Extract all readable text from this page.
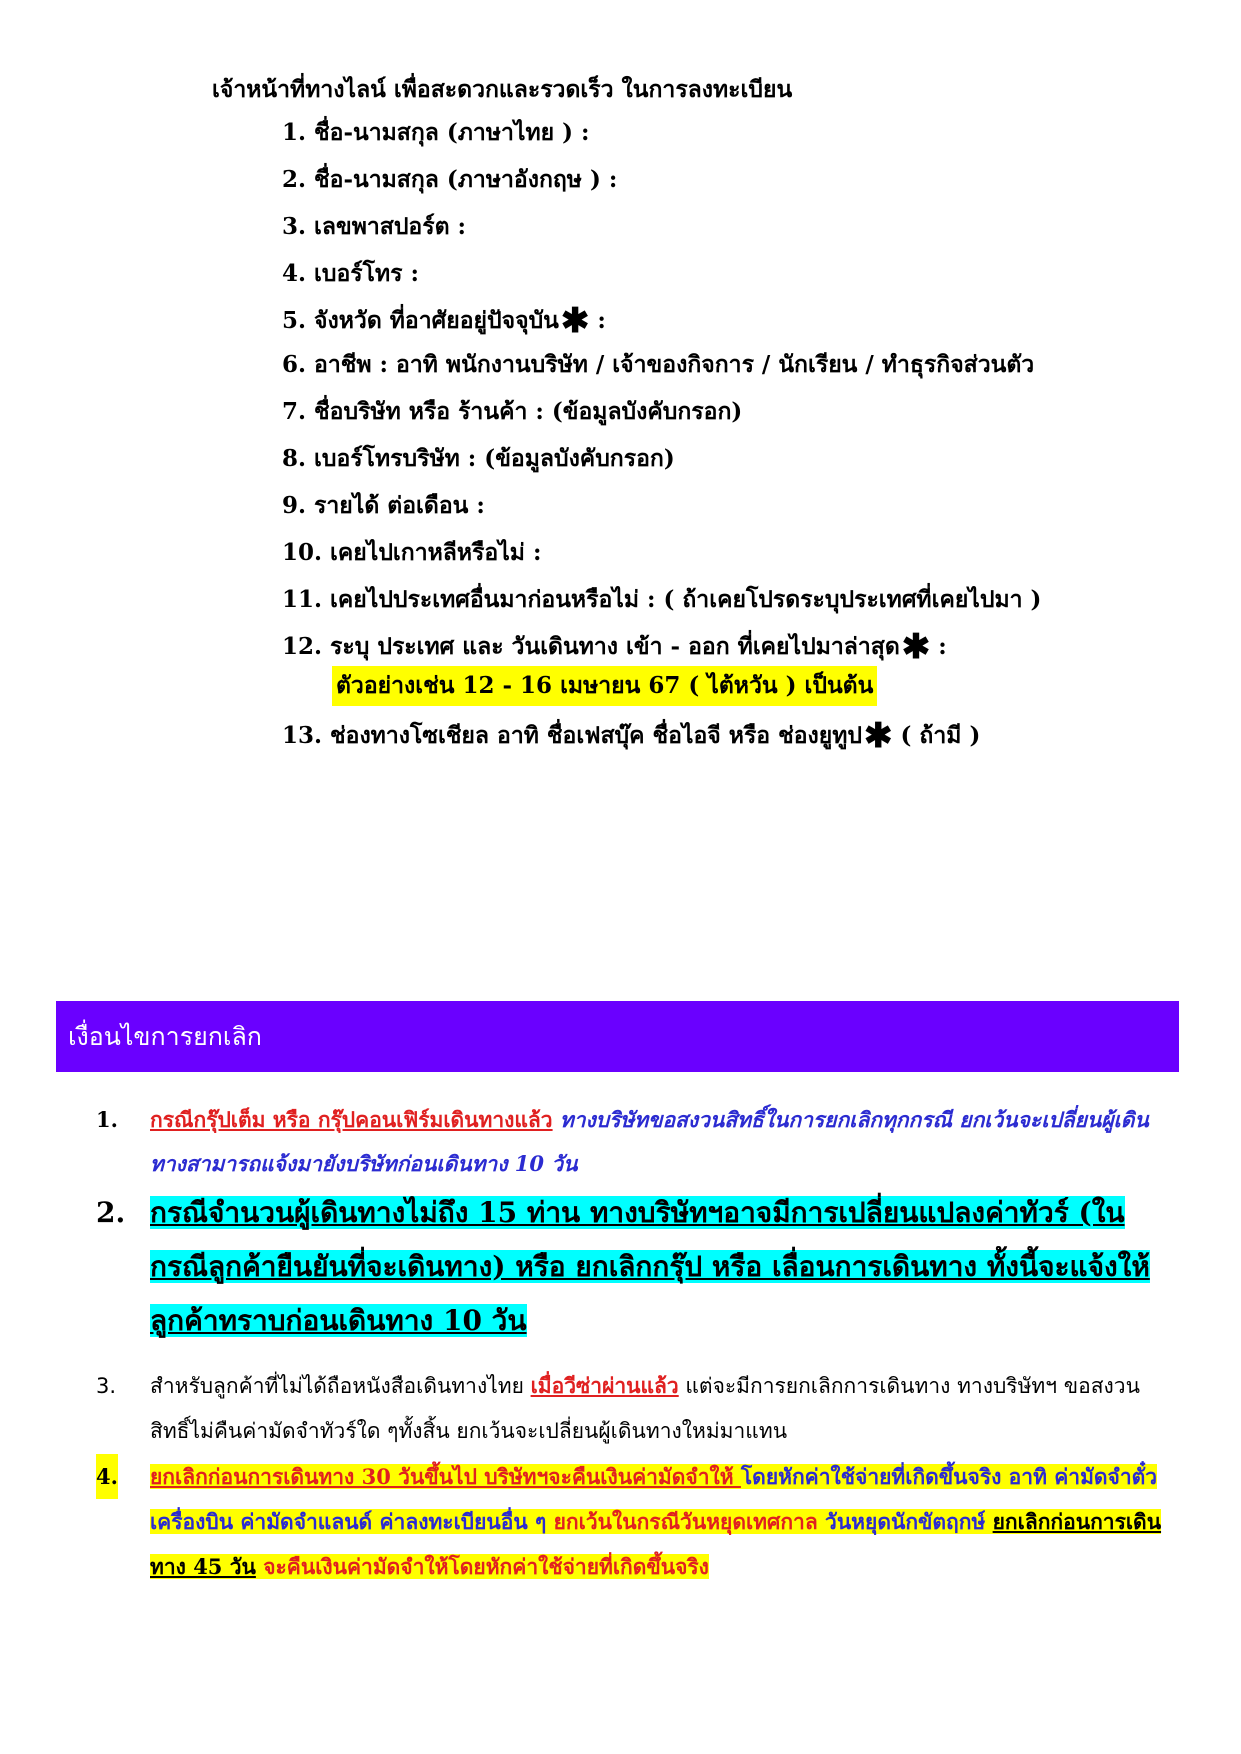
เจ้าหน้าที่ทางไลน์ เพื่อสะดวกและรวดเร็ว ในการลงทะเบียน

1. ชื่อ-นามสกุล (ภาษาไทย ) :

2. ชื่อ-นามสกุล (ภาษาอังกฤษ ) :

3. เลขพาสปอร์ต :

4. เบอร์โทร :

5. จังหวัด ที่อาศัยอยู่ปัจจุบัน✱ :

6. อาชีพ : อาทิ พนักงานบริษัท / เจ้าของกิจการ / นักเรียน / ทำธุรกิจส่วนตัว

7. ชื่อบริษัท หรือ ร้านค้า : (ข้อมูลบังคับกรอก)

8. เบอร์โทรบริษัท : (ข้อมูลบังคับกรอก)

9. รายได้ ต่อเดือน :

10. เคยไปเกาหลีหรือไม่ :

11. เคยไปประเทศอื่นมาก่อนหรือไม่ : ( ถ้าเคยโปรดระบุประเทศที่เคยไปมา )

12. ระบุ ประเทศ และ วันเดินทาง เข้า - ออก ที่เคยไปมาล่าสุด✱ :

ตัวอย่างเช่น 12 - 16 เมษายน 67 ( ไต้หวัน ) เป็นต้น

13. ช่องทางโซเชียล อาทิ ชื่อเฟสบุ๊ค ชื่อไอจี หรือ ช่องยูทูป✱ ( ถ้ามี )

เงื่อนไขการยกเลิก
1. กรณีกรุ๊ปเต็ม หรือ กรุ๊ปคอนเฟิร์มเดินทางแล้ว ทางบริษัทขอสงวนสิทธิ์ในการยกเลิกทุกกรณี ยกเว้นจะเปลี่ยนผู้เดินทางสามารถแจ้งมายังบริษัทก่อนเดินทาง 10 วัน
2. กรณีจำนวนผู้เดินทางไม่ถึง 15 ท่าน ทางบริษัทฯอาจมีการเปลี่ยนแปลงค่าทัวร์ (ในกรณีลูกค้ายืนยันที่จะเดินทาง) หรือ ยกเลิกกรุ๊ป หรือ เลื่อนการเดินทาง ทั้งนี้จะแจ้งให้ลูกค้าทราบก่อนเดินทาง 10 วัน
3. สำหรับลูกค้าที่ไม่ได้ถือหนังสือเดินทางไทย เมื่อวีซ่าผ่านแล้ว แต่จะมีการยกเลิกการเดินทาง ทางบริษัทฯ ขอสงวนสิทธิ์ไม่คืนค่ามัดจำทัวร์ใด ๆทั้งสิ้น ยกเว้นจะเปลี่ยนผู้เดินทางใหม่มาแทน
4. ยกเลิกก่อนการเดินทาง 30 วันขึ้นไป บริษัทฯจะคืนเงินค่ามัดจำให้ โดยหักค่าใช้จ่ายที่เกิดขึ้นจริง อาทิ ค่ามัดจำตั๋วเครื่องบิน ค่ามัดจำแลนด์ ค่าลงทะเบียนอื่น ๆ ยกเว้นในกรณีวันหยุดเทศกาล วันหยุดนักขัตฤกษ์ ยกเลิกก่อนการเดินทาง 45 วัน จะคืนเงินค่ามัดจำให้โดยหักค่าใช้จ่ายที่เกิดขึ้นจริง
